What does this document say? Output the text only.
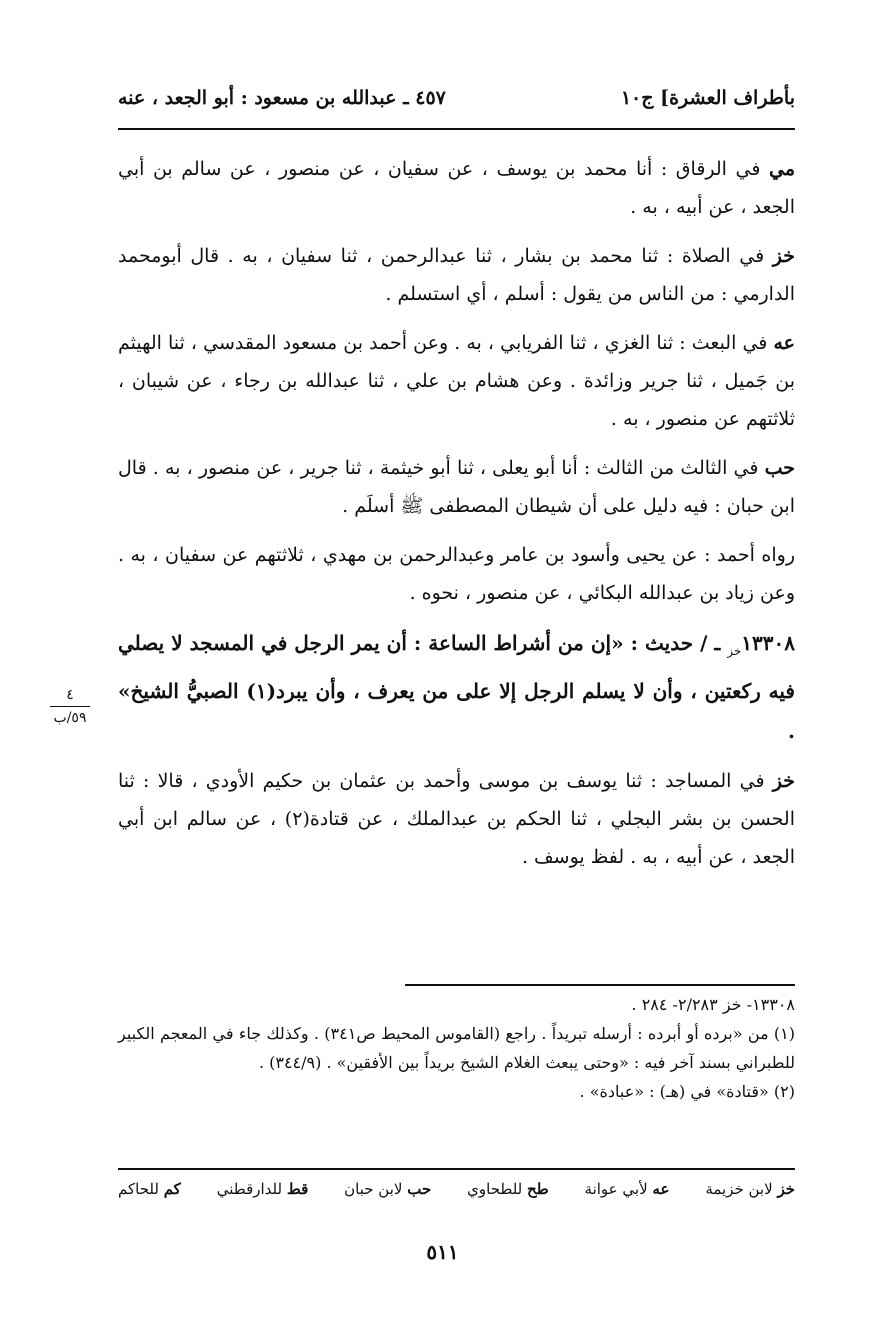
بأطراف العشرة] ج١٠
٤٥٧ ـ عبدالله بن مسعود : أبو الجعد ، عنه

مي في الرقاق : أنا محمد بن يوسف ، عن سفيان ، عن منصور ، عن سالم بن أبي الجعد ، عن أبيه ، به .

خز في الصلاة : ثنا محمد بن بشار ، ثنا عبدالرحمن ، ثنا سفيان ، به . قال أبومحمد الدارمي : من الناس من يقول : أسلم ، أي استسلم .

عه في البعث : ثنا الغزي ، ثنا الفريابي ، به . وعن أحمد بن مسعود المقدسي ، ثنا الهيثم بن جَميل ، ثنا جرير وزائدة . وعن هشام بن علي ، ثنا عبدالله بن رجاء ، عن شيبان ، ثلاثتهم عن منصور ، به .

حب في الثالث من الثالث : أنا أبو يعلى ، ثنا أبو خيثمة ، ثنا جرير ، عن منصور ، به . قال ابن حبان : فيه دليل على أن شيطان المصطفى ﷺ أسلَم .

رواه أحمد : عن يحيى وأسود بن عامر وعبدالرحمن بن مهدي ، ثلاثتهم عن سفيان ، به . وعن زياد بن عبدالله البكائي ، عن منصور ، نحوه .

$١٣٣٠٨_{خز}$ ـ / حديث : «إن من أشراط الساعة : أن يمر الرجل في المسجد لا يصلي فيه ركعتين ، وأن لا يسلم الرجل إلا على من يعرف ، وأن يبرد(١) الصبيُّ الشيخ» .

خز في المساجد : ثنا يوسف بن موسى وأحمد بن عثمان بن حكيم الأودي ، قالا : ثنا الحسن بن بشر البجلي ، ثنا الحكم بن عبدالملك ، عن قتادة(٢) ، عن سالم ابن أبي الجعد ، عن أبيه ، به . لفظ يوسف .

٤
٥٩/ب

١٣٣٠٨- خز ٢/٢٨٣- ٢٨٤ .

(١) من «برده أو أبرده : أرسله تبريداً . راجع (القاموس المحيط ص٣٤١) . وكذلك جاء في المعجم الكبير للطبراني بسند آخر فيه : «وحتى يبعث الغلام الشيخ بريداً بين الأفقين» . (٣٤٤/٩) .

(٢) «قتادة» في (هـ) : «عبادة» .

خز لابن خزيمة
عه لأبي عوانة
طح للطحاوي
حب لابن حبان
قط للدارقطني
كم للحاكم
٥١١
